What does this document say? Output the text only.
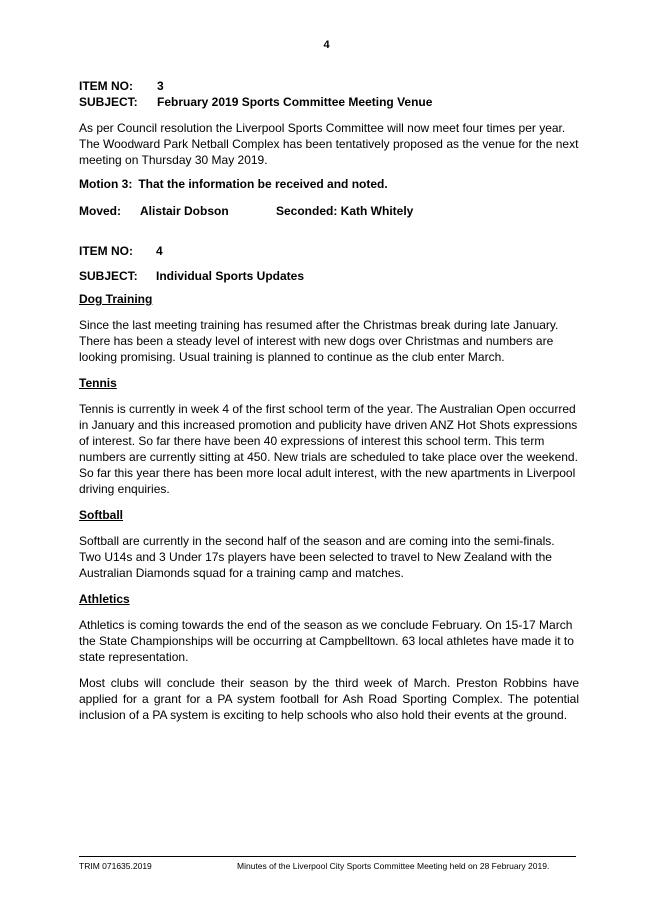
4
ITEM NO:	3
SUBJECT:	February 2019 Sports Committee Meeting Venue

As per Council resolution the Liverpool Sports Committee will now meet four times per year. The Woodward Park Netball Complex has been tentatively proposed as the venue for the next meeting on Thursday 30 May 2019.

Motion 3: That the information be received and noted.
Moved:	Alistair Dobson	Seconded: Kath Whitely
ITEM NO:	4
SUBJECT:	Individual Sports Updates

Dog Training

Since the last meeting training has resumed after the Christmas break during late January. There has been a steady level of interest with new dogs over Christmas and numbers are looking promising. Usual training is planned to continue as the club enter March.

Tennis

Tennis is currently in week 4 of the first school term of the year. The Australian Open occurred in January and this increased promotion and publicity have driven ANZ Hot Shots expressions of interest. So far there have been 40 expressions of interest this school term. This term numbers are currently sitting at 450. New trials are scheduled to take place over the weekend. So far this year there has been more local adult interest, with the new apartments in Liverpool driving enquiries.

Softball

Softball are currently in the second half of the season and are coming into the semi-finals. Two U14s and 3 Under 17s players have been selected to travel to New Zealand with the Australian Diamonds squad for a training camp and matches.

Athletics

Athletics is coming towards the end of the season as we conclude February. On 15-17 March the State Championships will be occurring at Campbelltown. 63 local athletes have made it to state representation.

Most clubs will conclude their season by the third week of March. Preston Robbins have applied for a grant for a PA system football for Ash Road Sporting Complex. The potential inclusion of a PA system is exciting to help schools who also hold their events at the ground.

TRIM 071635.2019	Minutes of the Liverpool City Sports Committee Meeting held on 28 February 2019.
